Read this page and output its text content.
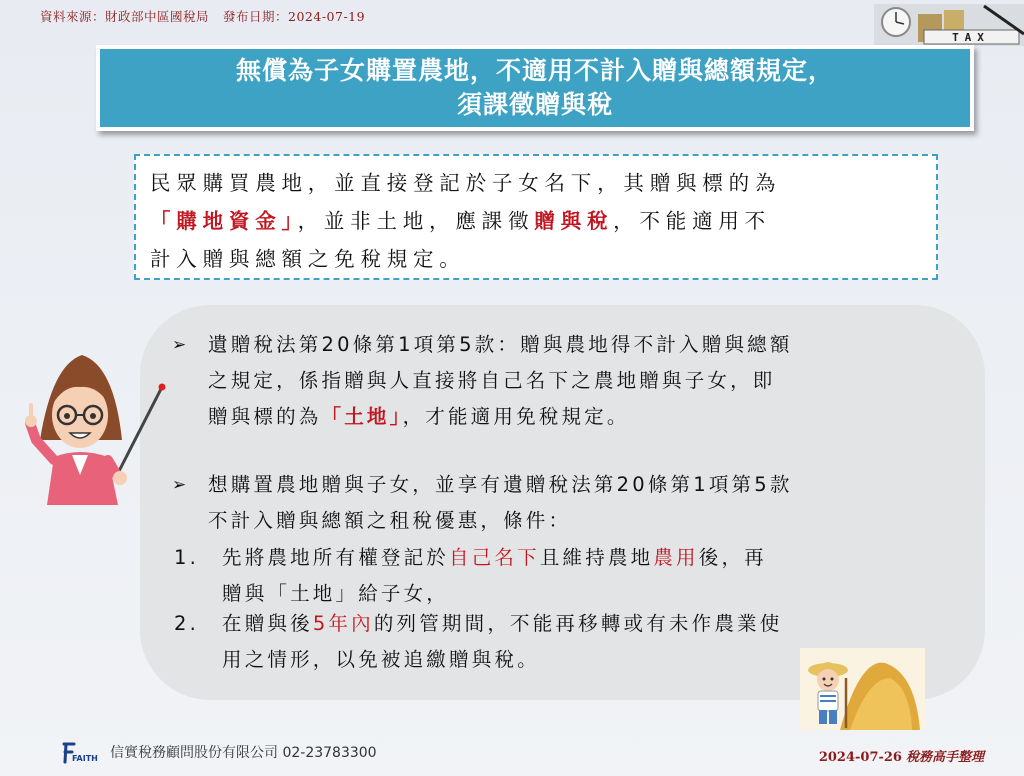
資料來源：財政部中區國稅局 發布日期：2024-07-19
TAX
無償為子女購置農地，不適用不計入贈與總額規定，
須課徵贈與稅
民眾購買農地，並直接登記於子女名下，其贈與標的為
「購地資金」，並非土地，應課徵贈與稅，不能適用不
計入贈與總額之免稅規定。
➢ 遺贈稅法第20條第1項第5款：贈與農地得不計入贈與總額
之規定，係指贈與人直接將自己名下之農地贈與子女，即
贈與標的為「土地」，才能適用免稅規定。
➢ 想購置農地贈與子女，並享有遺贈稅法第20條第1項第5款
不計入贈與總額之租稅優惠，條件：
1. 先將農地所有權登記於自己名下且維持農地農用後，再
贈與「土地」給子女，
2. 在贈與後5年內的列管期間，不能再移轉或有未作農業使
用之情形，以免被追繳贈與稅。
FAITH 信實稅務顧問股份有限公司 02-23783300	2024-07-26 稅務高手整理
